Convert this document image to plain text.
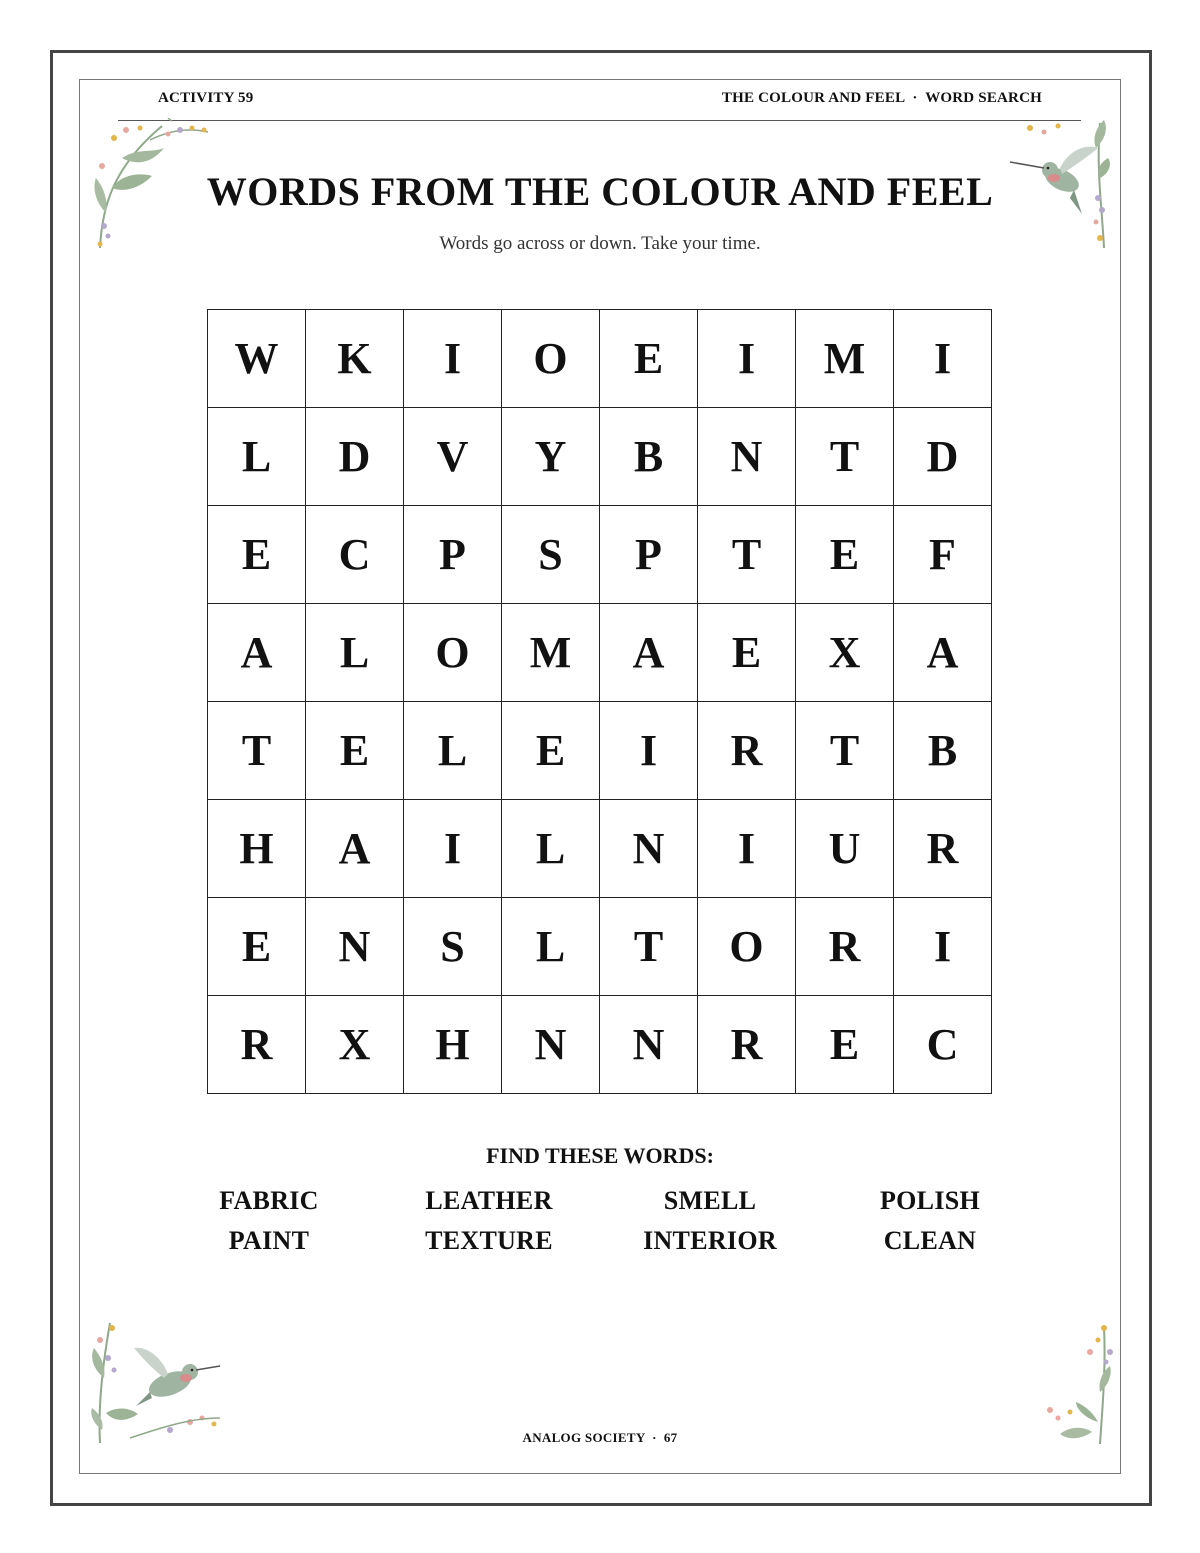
ACTIVITY 59	THE COLOUR AND FEEL  ·  WORD SEARCH
WORDS FROM THE COLOUR AND FEEL
Words go across or down. Take your time.
W	K	I	O	E	I	M	I
L	D	V	Y	B	N	T	D
E	C	P	S	P	T	E	F
A	L	O	M	A	E	X	A
T	E	L	E	I	R	T	B
H	A	I	L	N	I	U	R
E	N	S	L	T	O	R	I
R	X	H	N	N	R	E	C
FIND THESE WORDS:
FABRIC	LEATHER	SMELL	POLISH
PAINT	TEXTURE	INTERIOR	CLEAN
ANALOG SOCIETY  ·  67
